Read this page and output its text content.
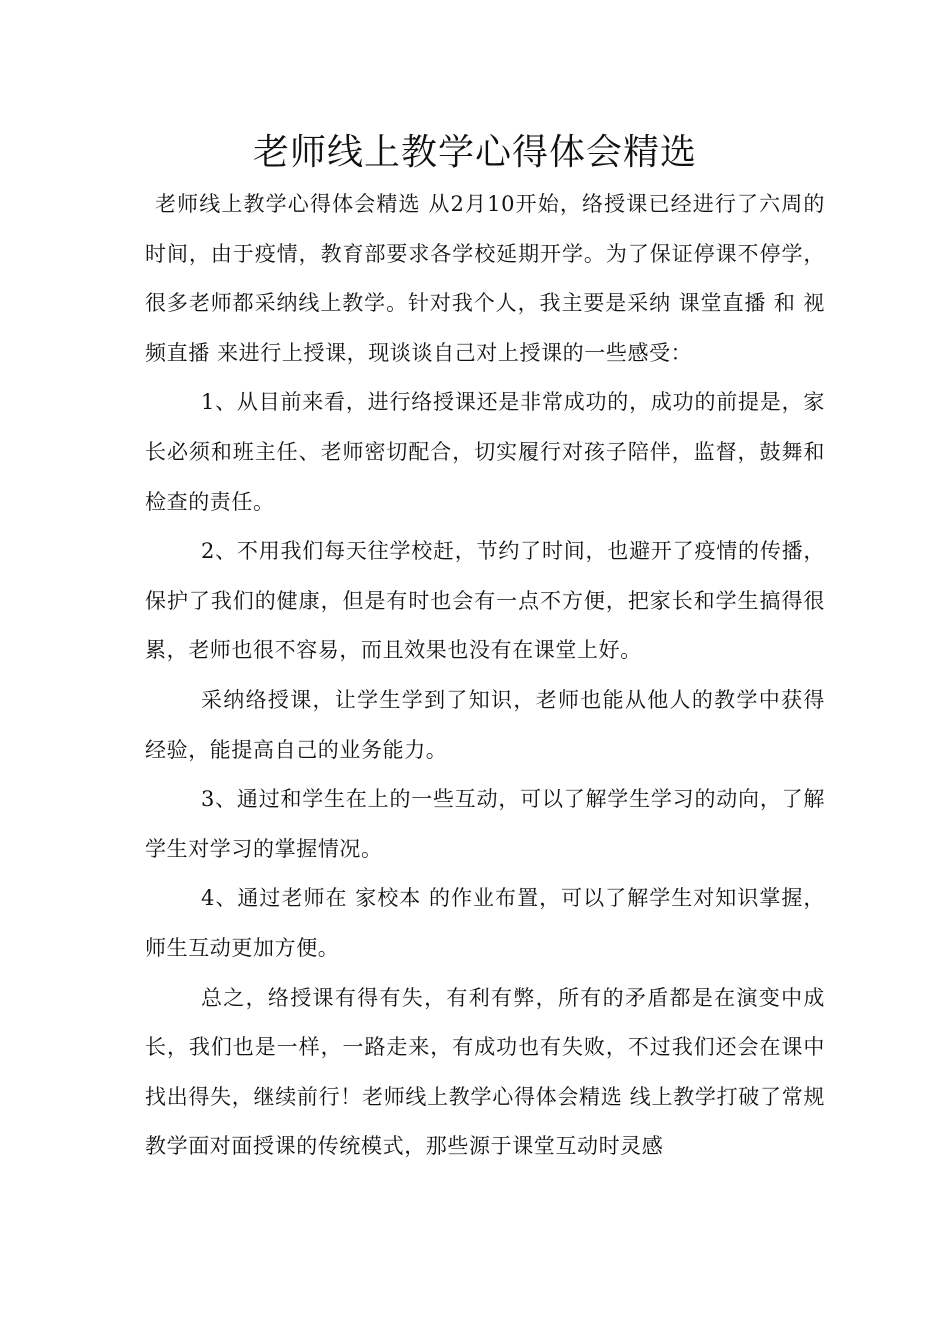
老师线上教学心得体会精选

老师线上教学心得体会精选 从2月10开始，络授课已经进行了六周的时间，由于疫情，教育部要求各学校延期开学。为了保证停课不停学，很多老师都采纳线上教学。针对我个人，我主要是采纳 课堂直播 和 视频直播 来进行上授课，现谈谈自己对上授课的一些感受：

1、从目前来看，进行络授课还是非常成功的，成功的前提是，家长必须和班主任、老师密切配合，切实履行对孩子陪伴，监督，鼓舞和检查的责任。

2、不用我们每天往学校赶，节约了时间，也避开了疫情的传播，保护了我们的健康，但是有时也会有一点不方便，把家长和学生搞得很累，老师也很不容易，而且效果也没有在课堂上好。

采纳络授课，让学生学到了知识，老师也能从他人的教学中获得经验，能提高自己的业务能力。

3、通过和学生在上的一些互动，可以了解学生学习的动向，了解学生对学习的掌握情况。

4、通过老师在 家校本 的作业布置，可以了解学生对知识掌握，师生互动更加方便。

总之，络授课有得有失，有利有弊，所有的矛盾都是在演变中成长，我们也是一样，一路走来，有成功也有失败，不过我们还会在课中找出得失，继续前行！老师线上教学心得体会精选 线上教学打破了常规教学面对面授课的传统模式，那些源于课堂互动时灵感
